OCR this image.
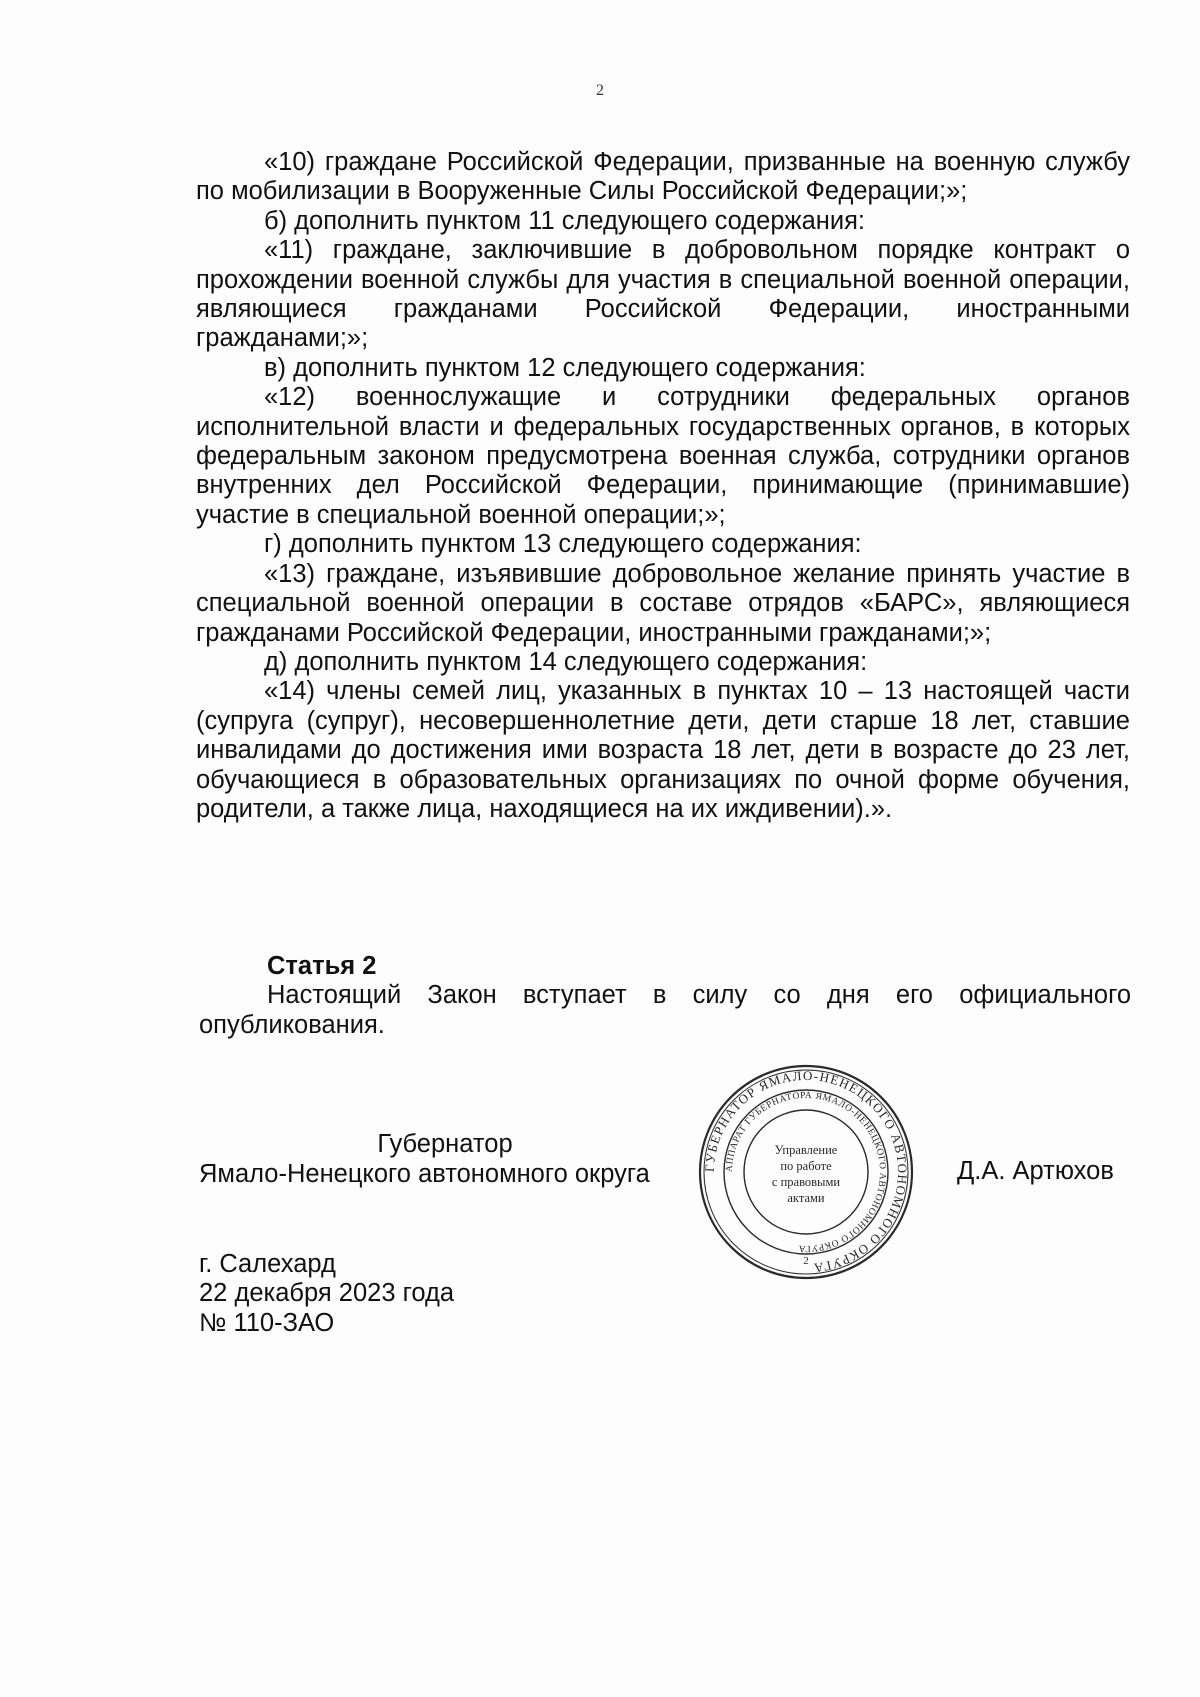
2

«10) граждане Российской Федерации, призванные на военную службу по мобилизации в Вооруженные Силы Российской Федерации;»;

б) дополнить пунктом 11 следующего содержания:

«11) граждане, заключившие в добровольном порядке контракт о прохождении военной службы для участия в специальной военной операции, являющиеся гражданами Российской Федерации, иностранными гражданами;»;

в) дополнить пунктом 12 следующего содержания:

«12) военнослужащие и сотрудники федеральных органов исполнительной власти и федеральных государственных органов, в которых федеральным законом предусмотрена военная служба, сотрудники органов внутренних дел Российской Федерации, принимающие (принимавшие) участие в специальной военной операции;»;

г) дополнить пунктом 13 следующего содержания:

«13) граждане, изъявившие добровольное желание принять участие в специальной военной операции в составе отрядов «БАРС», являющиеся гражданами Российской Федерации, иностранными гражданами;»;

д) дополнить пунктом 14 следующего содержания:

«14) члены семей лиц, указанных в пунктах 10 – 13 настоящей части (супруга (супруг), несовершеннолетние дети, дети старше 18 лет, ставшие инвалидами до достижения ими возраста 18 лет, дети в возрасте до 23 лет, обучающиеся в образовательных организациях по очной форме обучения, родители, а также лица, находящиеся на их иждивении).».

Статья 2

Настоящий Закон вступает в силу со дня его официального опубликования.

Губернатор
Ямало-Ненецкого автономного округа	Д.А. Артюхов
ГУБЕРНАТОР ЯМАЛО-НЕНЕЦКОГО АВТОНОМНОГО ОКРУГА
АППАРАТ ГУБЕРНАТОРА ЯМАЛО-НЕНЕЦКОГО АВТОНОМНОГО ОКРУГА
Управление
по работе
с правовыми
актами
2
г. Салехард
22 декабря 2023 года
№ 110-ЗАО
